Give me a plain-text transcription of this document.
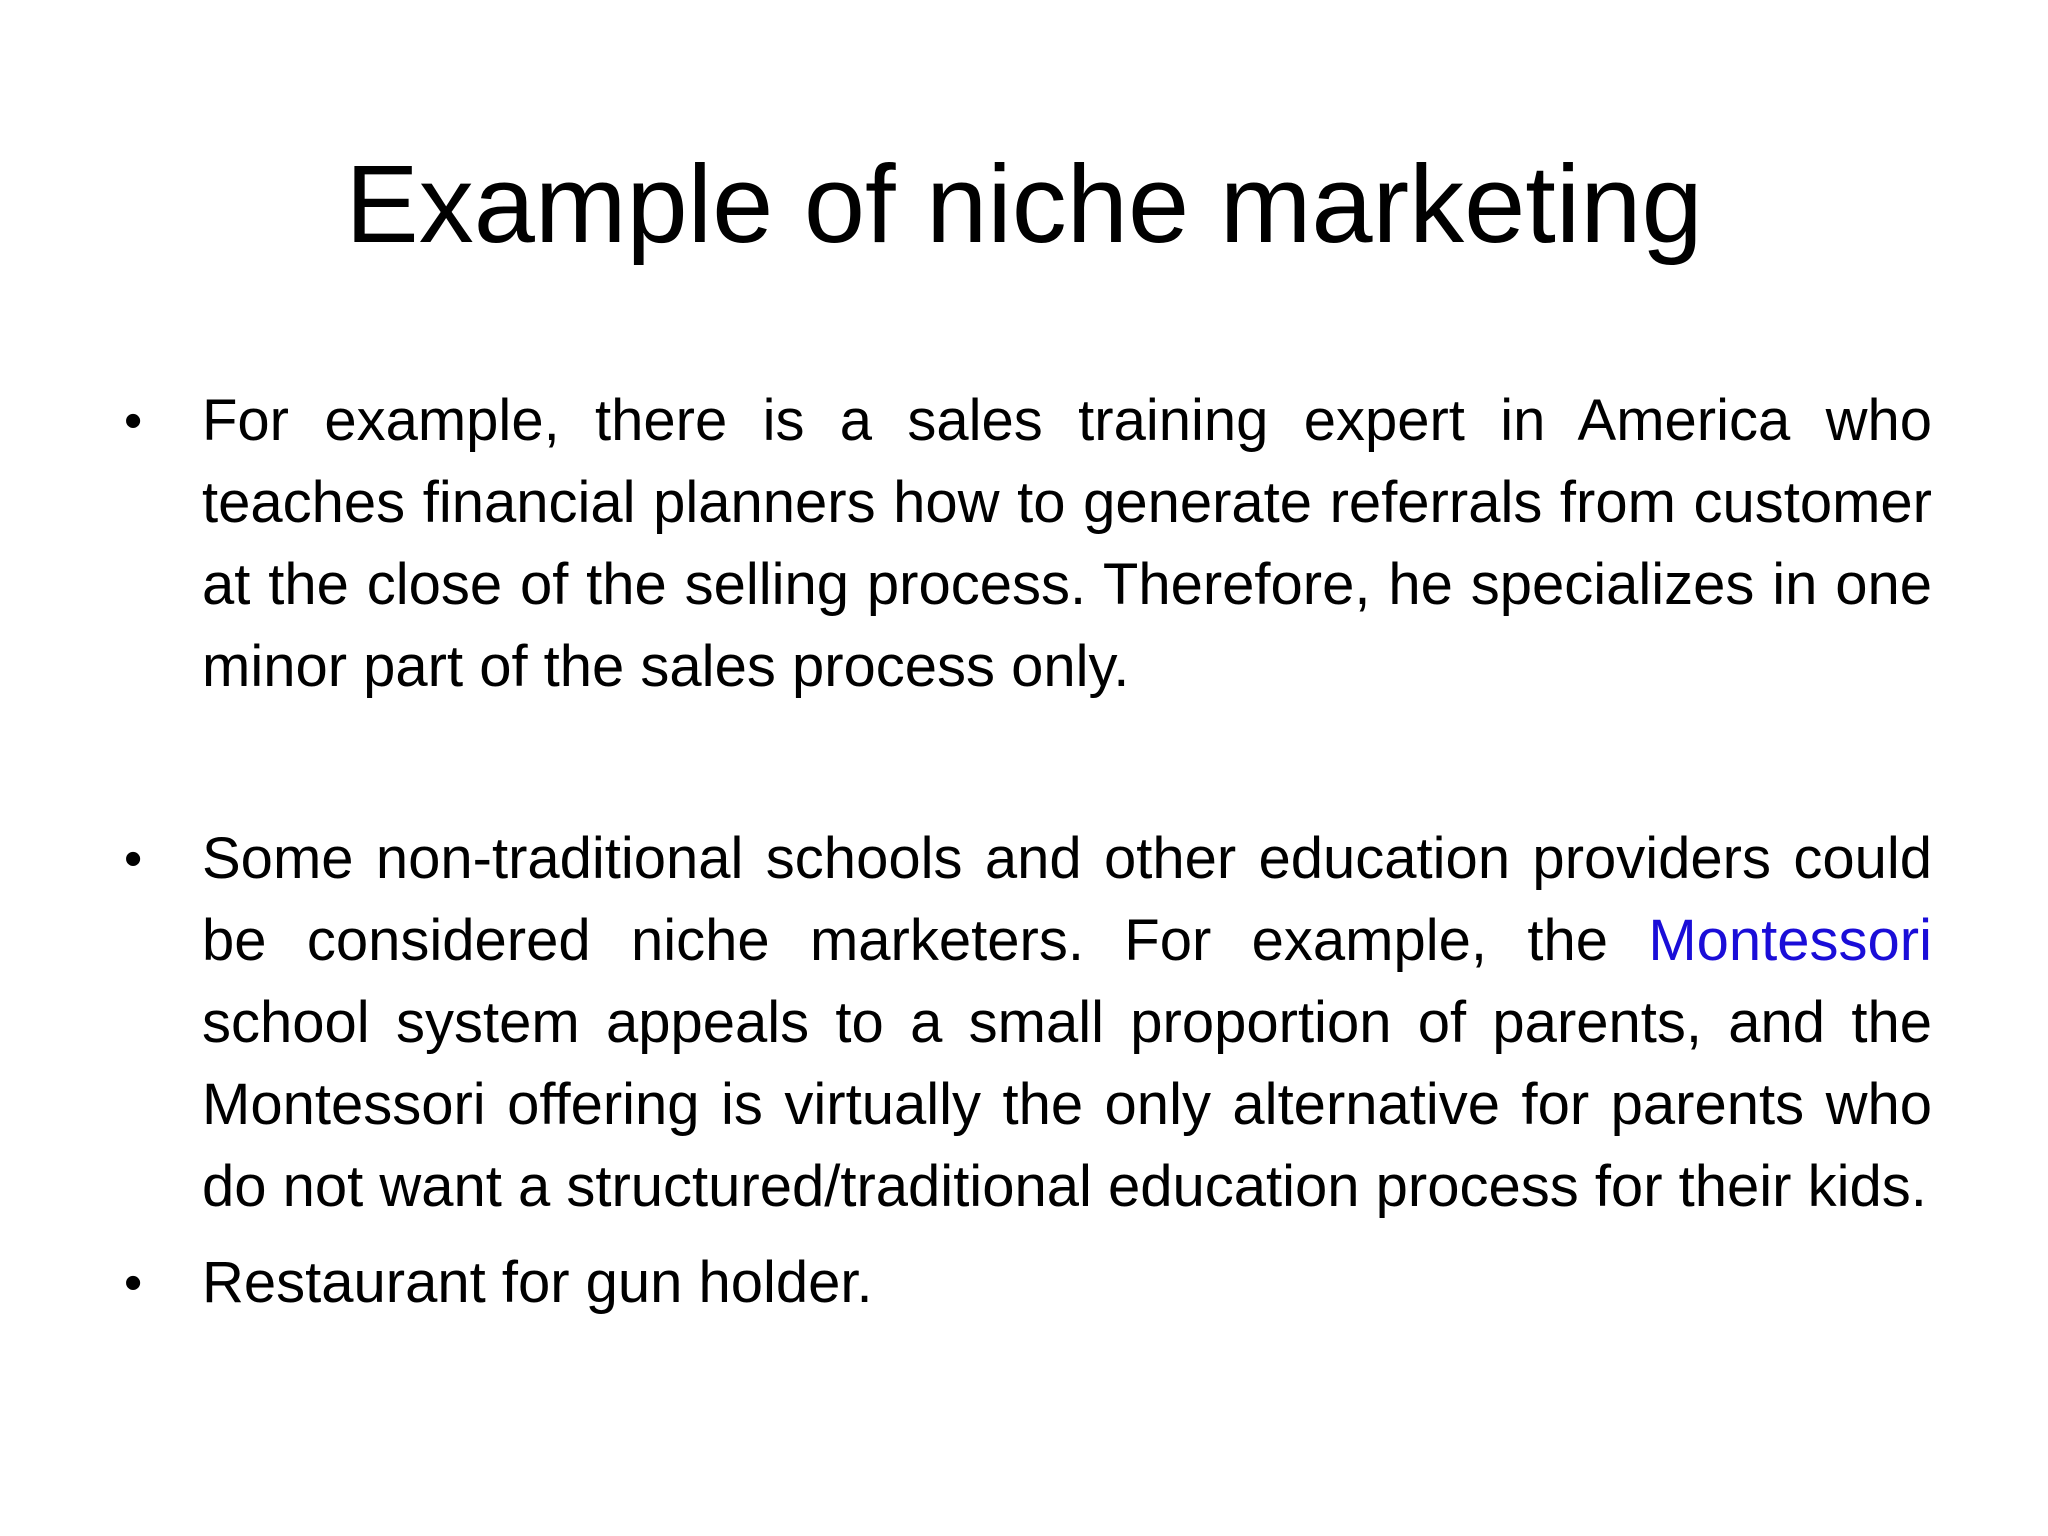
Example of niche marketing
• For example, there is a sales training expert in America who teaches financial planners how to generate referrals from customer at the close of the selling process. Therefore, he specializes in one minor part of the sales process only.
• Some non-traditional schools and other education providers could be considered niche marketers. For example, the Montessori school system appeals to a small proportion of parents, and the Montessori offering is virtually the only alternative for parents who do not want a structured/traditional education process for their kids.
• Restaurant for gun holder.
